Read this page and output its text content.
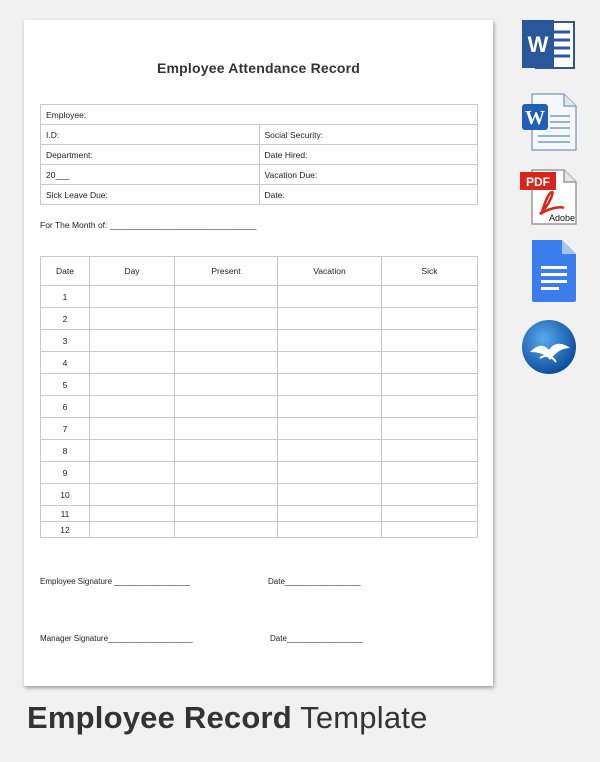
Employee Attendance Record
Employee:	
I.D:	Social Security:
Department:	Date Hired:
20___	Vacation Due:
Sick Leave Due:	Date:
For The Month of: _______________________________
Date	Day	Present	Vacation	Sick
1				
2				
3				
4				
5				
6				
7				
8				
9				
10				
11				
12				
Employee Signature _________________	Date_________________
Manager Signature___________________	Date_________________
W
W
PDF
Adobe
Employee Record Template
